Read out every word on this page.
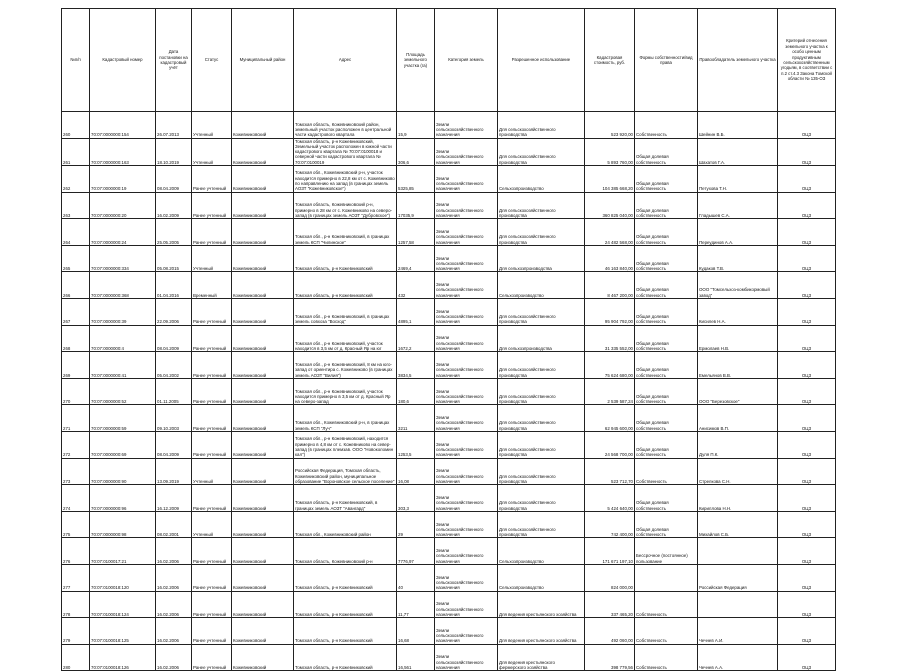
№п/п	Кадастровый номер	Дата постановки на кадастровый учёт	Статус	Муниципальный район	Адрес	Площадь земельного участка (га)	Категория земель	Разрешенное использование	Кадастровая стоимость, руб.	Формы собственности/вид права	Правообладатель земельного участка	Критерий отнесения земельного участка к особо ценным продуктивным сельскохозяйственным угодьям, в соответствии с п.2 ст.4.3 Закона Томской области № 135-ОЗ
260	70:07:0000000:154	26.07.2013	Учтенный	Кожевниковский	Томская область, Кожевниковский район, земельный участок расположен в центральной части кадастрового квартала	15,9	Земли сельскохозяйственного назначения	Для сельскохозяйственного производства	523 920,00	Собственность	Шейнин В.Б.	ОЦЗ
261	70:07:0000000:163	18.10.2019	Учтенный	Кожевниковский	Томская область, р-н Кожевниковский, Земельный участок расположен в южной части кадастрового квартала № 70:07:0100018 и северной части кадастрового квартала № 70:07:0100019	306,6	Земли сельскохозяйственного назначения	Для сельскохозяйственного производства	5 893 760,00	Общая долевая собственность	Шахатов Г.А.	ОЦЗ
262	70:07:0000000:19	08.04.2009	Ранее учтенный	Кожевниковский	Томская обл., Кожевниковский р-н, участок находится примерно в 22,8 км от с. Кожевниково по направлению на запад (в границах земель АОЗТ "Кожевниковское")	5325,85	Земли сельскохозяйственного назначения	Сельхозпроизводство	104 385 668,20	Общая долевая собственность	Петухова Т.Н.	ОЦЗ
263	70:07:0000000:20	16.02.2009	Ранее учтенный	Кожевниковский	Томская область, Кожевниковский р-н, примерно в 28 км от с. Кожевниково на северо-запад (в границах земель АОЗТ "Дубровское")	17035,9	Земли сельскохозяйственного назначения	Для сельскохозяйственного производства	360 825 040,00	Общая долевая собственность	Гладышев С.А.	ОЦЗ
264	70:07:0000000:24	25.05.2005	Ранее учтенный	Кожевниковский	Томская обл., р-н Кожевниковский, в границах земель КСП "Чилинское"	1257,58	Земли сельскохозяйственного назначения	Для сельскохозяйственного производства	24 482 568,00	Общая долевая собственность	Переудинов А.А.	ОЦЗ
265	70:07:0000000:334	05.08.2015	Учтенный	Кожевниковский	Томская область, р-н Кожевниковский	2469,4	Земли сельскохозяйственного назначения	Для сельхозпроизводства	46 163 840,00	Общая долевая собственность	Кудаков Т.В.	ОЦЗ
266	70:07:0000000:368	01.04.2016	Временный	Кожевниковский	Томская область, р-н Кожевниковский	432	Земли сельскохозяйственного назначения	Сельхозпроизводство	8 467 200,00	Общая долевая собственность	ООО "Томсельхоз-комбикормовый завод"	ОЦЗ
267	70:07:0000000:39	22.09.2006	Ранее учтенный	Кожевниковский	Томская обл., р-н Кожевниковский, в границах земель совхоза "Восход"	4895,1	Земли сельскохозяйственного назначения	Для сельскохозяйственного производства	95 904 792,00	Общая долевая собственность	Кисилев Н.А.	ОЦЗ
268	70:07:0000000:4	08.04.2009	Ранее учтенный	Кожевниковский	Томская обл., р-н Кожевниковский, участок находится в 3,5 км от д. Красный Яр на юг	1672,2	Земли сельскохозяйственного назначения	Для сельхозпроизводства	31 335 552,00	Общая долевая собственность	Ермолаев Н.В.	ОЦЗ
269	70:07:0000000:41	05.04.2002	Ранее учтенный	Кожевниковский	Томская обл., р-н Кожевниковский, 8 км на юго-запад от ориентира с. Кожевниково (в границах земель АОЗТ "Вилия")	3834,5	Земли сельскохозяйственного назначения	Для сельскохозяйственного производства	75 624 680,00	Общая долевая собственность	Емельянов В.В.	ОЦЗ
270	70:07:0000000:52	01.11.2005	Ранее учтенный	Кожевниковский	Томская обл., р-н Кожевниковский, участок находится примерно в 3,5 км от д. Красный Яр на северо-запад	180,6	Земли сельскохозяйственного назначения	Для сельскохозяйственного производства	2 539 587,24	Общая долевая собственность	ООО "Березовское"	ОЦЗ
271	70:07:0000000:59	09.10.2003	Ранее учтенный	Кожевниковский	Томская обл., Кожевниковский р-н, в границах земель КСП "Луч"	3211	Земли сельскохозяйственного назначения	Для сельскохозяйственного производства	62 945 600,00	Общая долевая собственность	Анисимов В.П.	ОЦЗ
272	70:07:0000000:69	08.04.2009	Ранее учтенный	Кожевниковский	Томская обл., р-н Кожевниковский, находится примерно в 4,8 км от с. Кожевниково на север-запад (в границах племзав. ООО "Новоколомин кал")	1253,5	Земли сельскохозяйственного назначения	Для сельскохозяйственного производства	24 568 700,00	Общая долевая собственность	Дуля П.К.	ОЦЗ
273	70:07:0000000:90	13.09.2019	Учтенный	Кожевниковский	Российская Федерация, Томская область, Кожевниковский район, муниципальное образование "Вороновское сельское поселение"	16,08	Земли сельскохозяйственного назначения	Для сельскохозяйственного производства	523 712,70	Собственность	Стрелкова С.Н.	ОЦЗ
274	70:07:0000000:96	16.12.2009	Ранее учтенный	Кожевниковский	Томская область, р-н Кожевниковский, в границах земель АОЗТ "Авангард"	303,3	Земли сельскохозяйственного назначения	Для сельскохозяйственного производства	5 424 640,00	Общая долевая собственность	Кириллова Н.Н.	ОЦЗ
275	70:07:0000000:98	08.02.2001	Учтенный	Кожевниковский	Томская обл., Кожевниковский район	29	Земли сельскохозяйственного назначения	Для сельскохозяйственного производства	742 400,00	Общая долевая собственность	Михайлов С.Б.	ОЦЗ
276	70:07:0100017:21	16.02.2006	Ранее учтенный	Кожевниковский	Томская область, Кожевниковский р-н	7776,97	Земли сельскохозяйственного назначения	Сельхозпроизводство	171 671 197,10	Бессрочное (постоянное) пользование		ОЦЗ
277	70:07:0100018:120	16.02.2006	Ранее учтенный	Кожевниковский	Томская область, р-н Кожевниковский	40	Земли сельскохозяйственного назначения	Сельхозпроизводство	824 000,00		Российская Федерация	ОЦЗ
278	70:07:0100018:124	16.02.2006	Ранее учтенный	Кожевниковский	Томская область, р-н Кожевниковский	11,77	Земли сельскохозяйственного назначения	Для ведения крестьянского хозяйства	337 465,20	Собственность		ОЦЗ
279	70:07:0100018:125	16.02.2006	Ранее учтенный	Кожевниковский	Томская область, р-н Кожевниковский	16,68	Земли сельскохозяйственного назначения	Для ведения крестьянского хозяйства	492 060,00	Собственность	Чечнев А.И.	ОЦЗ
280	70:07:0100018:126	16.02.2006	Ранее учтенный	Кожевниковский	Томская область, р-н Кожевниковский	16,561	Земли сельскохозяйственного назначения	Для ведения крестьянского фермерского хозяйства	398 779,56	Собственность	Чечнев А.А.	ОЦЗ
